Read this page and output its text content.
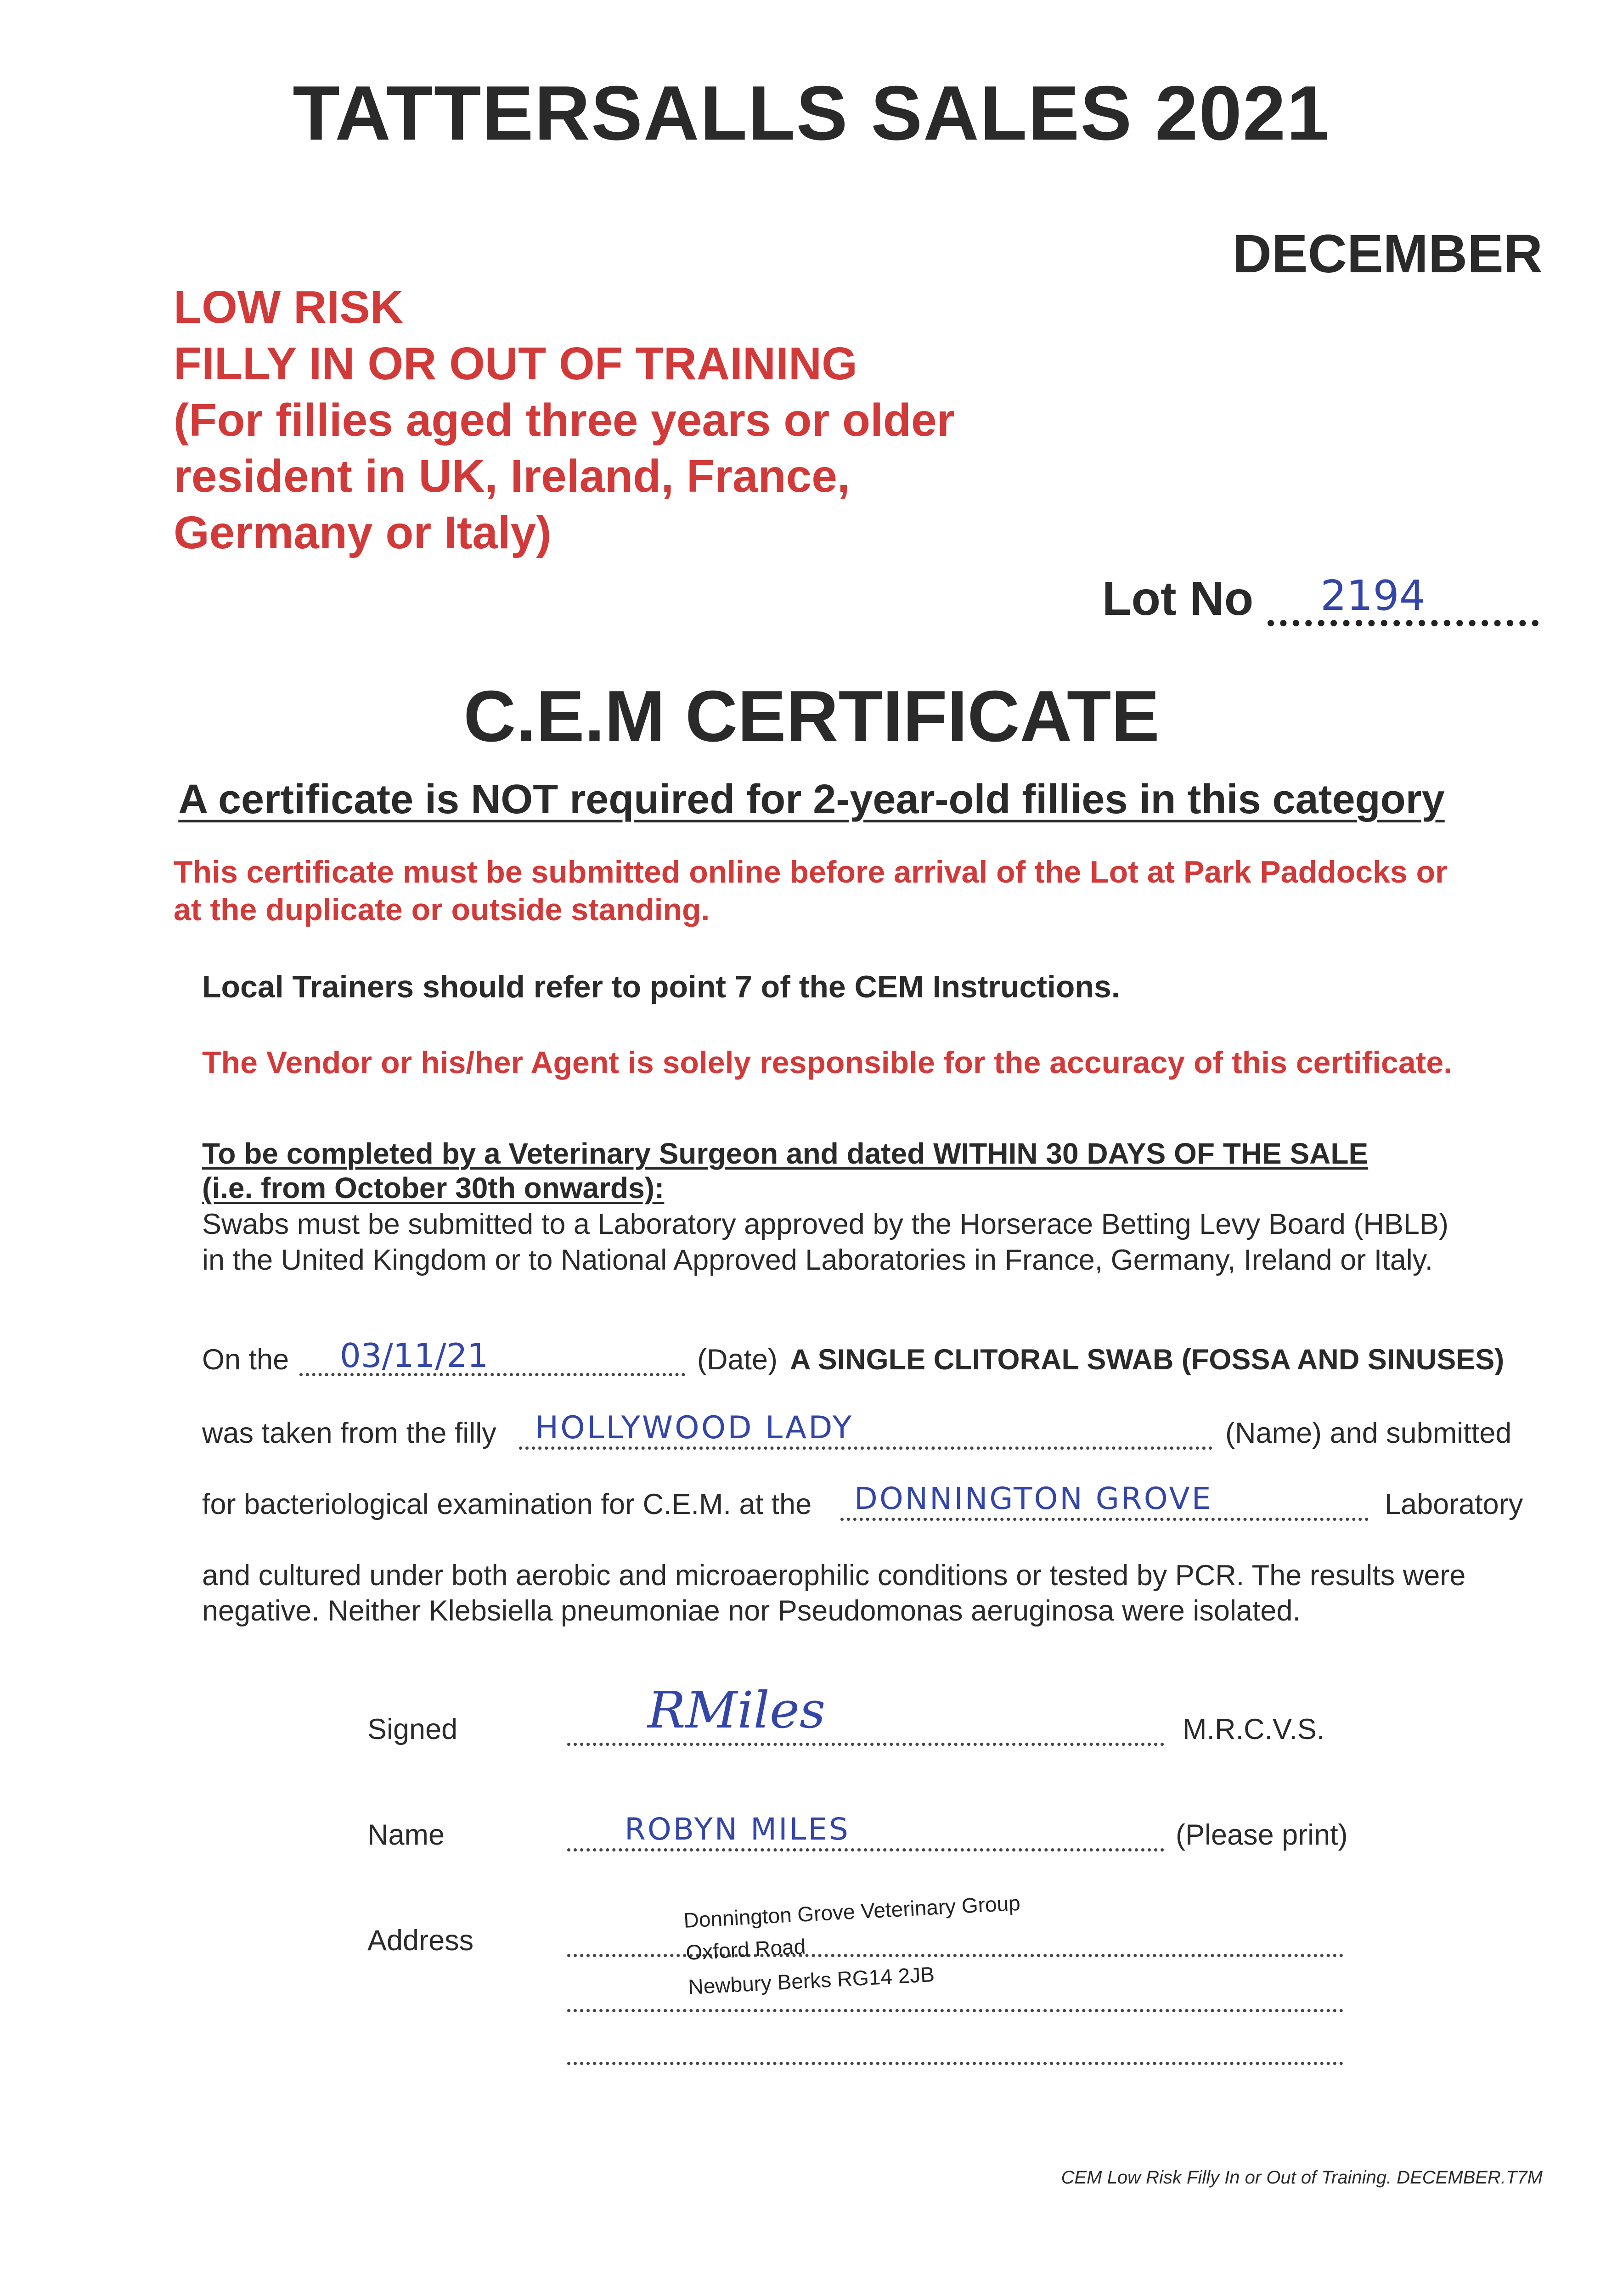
TATTERSALLS SALES 2021
DECEMBER
LOW RISK
FILLY IN OR OUT OF TRAINING
(For fillies aged three years or older
resident in UK, Ireland, France,
Germany or Italy)
Lot No 2194
C.E.M CERTIFICATE
A certificate is NOT required for 2-year-old fillies in this category
This certificate must be submitted online before arrival of the Lot at Park Paddocks or
at the duplicate or outside standing.
Local Trainers should refer to point 7 of the CEM Instructions.
The Vendor or his/her Agent is solely responsible for the accuracy of this certificate.
To be completed by a Veterinary Surgeon and dated WITHIN 30 DAYS OF THE SALE
(i.e. from October 30th onwards):
Swabs must be submitted to a Laboratory approved by the Horserace Betting Levy Board (HBLB)
in the United Kingdom or to National Approved Laboratories in France, Germany, Ireland or Italy.
On the 03/11/21	(Date) A SINGLE CLITORAL SWAB (FOSSA AND SINUSES)
was taken from the filly HOLLYWOOD LADY	(Name) and submitted
for bacteriological examination for C.E.M. at the DONNINGTON GROVE	Laboratory
and cultured under both aerobic and microaerophilic conditions or tested by PCR. The results were
negative. Neither Klebsiella pneumoniae nor Pseudomonas aeruginosa were isolated.
Signed	RMiles	M.R.C.V.S.
Name	ROBYN MILES	(Please print)
Address
Donnington Grove Veterinary Group
Oxford Road
Newbury Berks RG14 2JB
CEM Low Risk Filly In or Out of Training. DECEMBER.T7M
